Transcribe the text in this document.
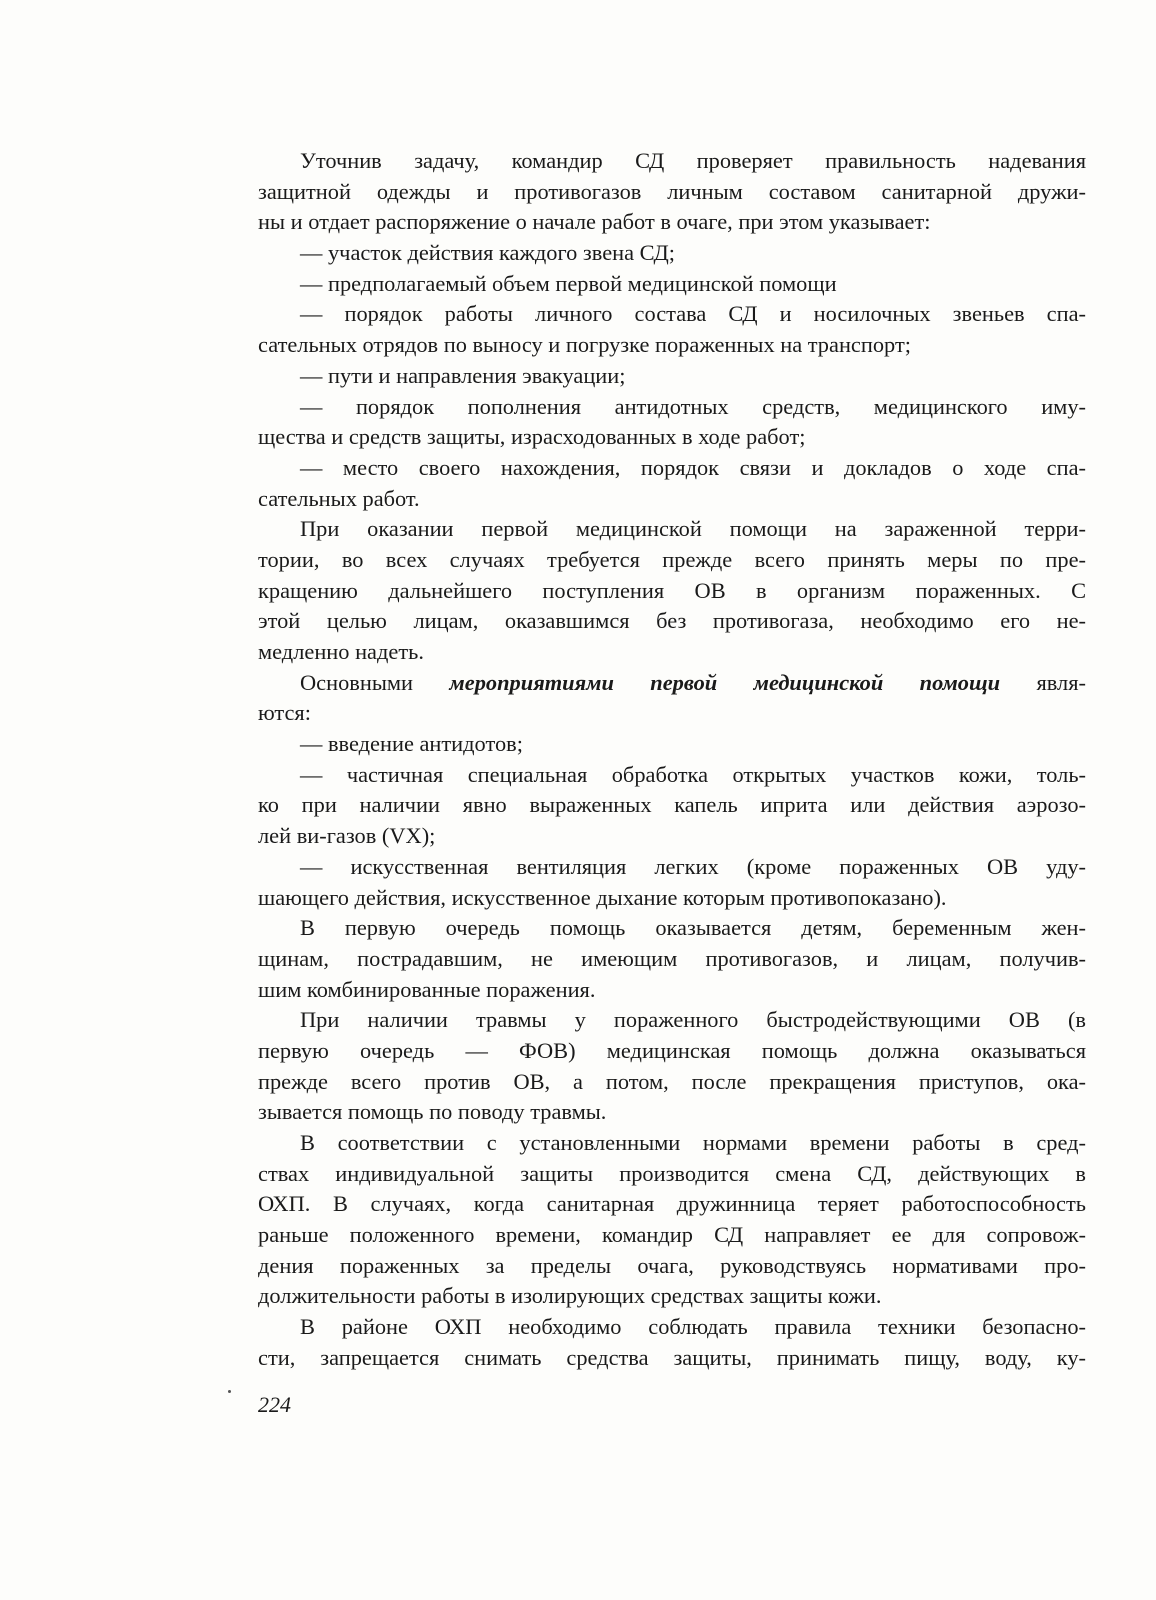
Уточнив задачу, командир СД проверяет правильность надевания
защитной одежды и противогазов личным составом санитарной дружи-
ны и отдает распоряжение о начале работ в очаге, при этом указывает:
— участок действия каждого звена СД;
— предполагаемый объем первой медицинской помощи
— порядок работы личного состава СД и носилочных звеньев спа-
сательных отрядов по выносу и погрузке пораженных на транспорт;
— пути и направления эвакуации;
— порядок пополнения антидотных средств, медицинского иму-
щества и средств защиты, израсходованных в ходе работ;
— место своего нахождения, порядок связи и докладов о ходе спа-
сательных работ.
При оказании первой медицинской помощи на зараженной терри-
тории, во всех случаях требуется прежде всего принять меры по пре-
кращению дальнейшего поступления ОВ в организм пораженных. С
этой целью лицам, оказавшимся без противогаза, необходимо его не-
медленно надеть.
Основными мероприятиями первой медицинской помощи явля-
ются:
— введение антидотов;
— частичная специальная обработка открытых участков кожи, толь-
ко при наличии явно выраженных капель иприта или действия аэрозо-
лей ви-газов (VX);
— искусственная вентиляция легких (кроме пораженных ОВ уду-
шающего действия, искусственное дыхание которым противопоказано).
В первую очередь помощь оказывается детям, беременным жен-
щинам, пострадавшим, не имеющим противогазов, и лицам, получив-
шим комбинированные поражения.
При наличии травмы у пораженного быстродействующими ОВ (в
первую очередь — ФОВ) медицинская помощь должна оказываться
прежде всего против ОВ, а потом, после прекращения приступов, ока-
зывается помощь по поводу травмы.
В соответствии с установленными нормами времени работы в сред-
ствах индивидуальной защиты производится смена СД, действующих в
ОХП. В случаях, когда санитарная дружинница теряет работоспособность
раньше положенного времени, командир СД направляет ее для сопровож-
дения пораженных за пределы очага, руководствуясь нормативами про-
должительности работы в изолирующих средствах защиты кожи.
В районе ОХП необходимо соблюдать правила техники безопасно-
сти, запрещается снимать средства защиты, принимать пищу, воду, ку-
224
